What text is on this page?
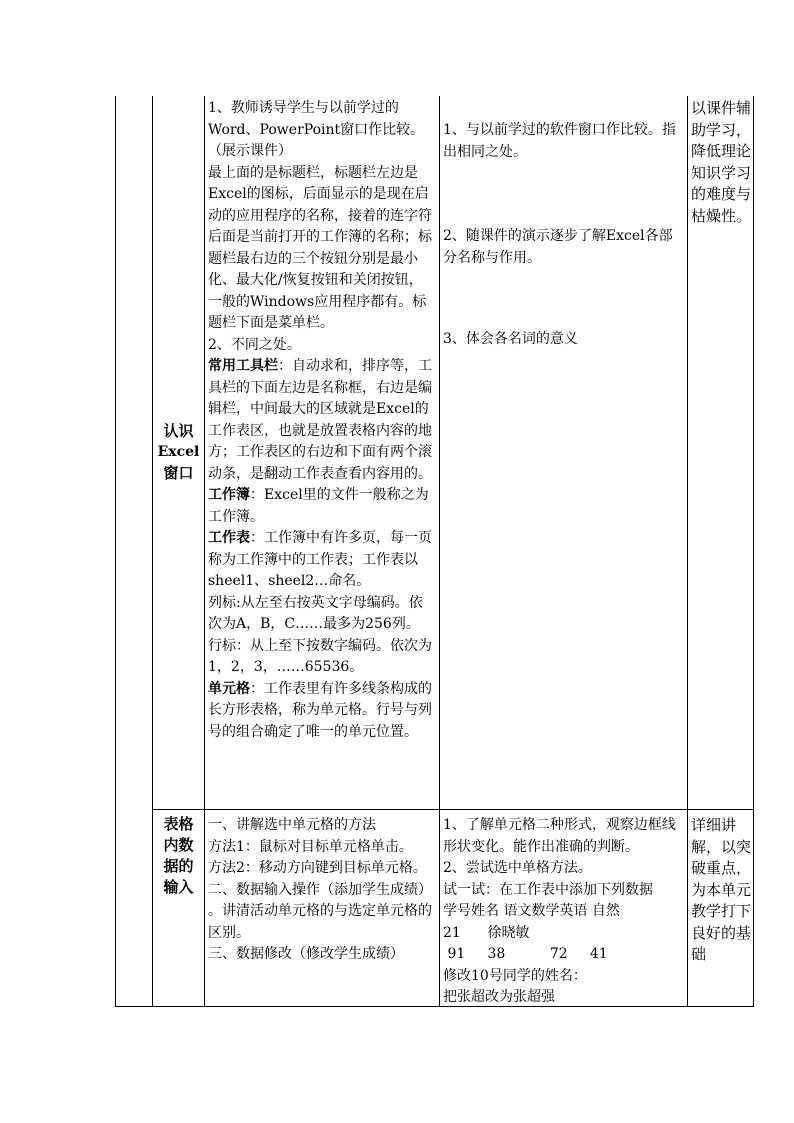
认识
Excel
窗口

1、教师诱导学生与以前学过的Word、PowerPoint窗口作比较。（展示课件）

最上面的是标题栏，标题栏左边是Excel的图标，后面显示的是现在启动的应用程序的名称，接着的连字符后面是当前打开的工作簿的名称；标题栏最右边的三个按钮分别是最小化、最大化/恢复按钮和关闭按钮，一般的Windows应用程序都有。标题栏下面是菜单栏。

2、不同之处。

常用工具栏：自动求和，排序等，工具栏的下面左边是名称框，右边是编辑栏，中间最大的区域就是Excel的工作表区，也就是放置表格内容的地方；工作表区的右边和下面有两个滚动条，是翻动工作表查看内容用的。

工作簿：Excel里的文件一般称之为工作簿。

工作表：工作簿中有许多页，每一页称为工作簿中的工作表；工作表以sheel1、sheel2…命名。

列标:从左至右按英文字母编码。依次为A，B，C……最多为256列。

行标：从上至下按数字编码。依次为1，2，3，……65536。

单元格：工作表里有许多线条构成的长方形表格，称为单元格。行号与列号的组合确定了唯一的单元位置。

1、与以前学过的软件窗口作比较。指出相同之处。

2、随课件的演示逐步了解Excel各部分名称与作用。

3、体会各名词的意义

以课件辅助学习，降低理论知识学习的难度与枯燥性。

表格
内数
据的
输入

一、讲解选中单元格的方法

方法1：鼠标对目标单元格单击。

方法2：移动方向键到目标单元格。

二、数据输入操作（添加学生成绩）

。讲清活动单元格的与选定单元格的区别。

三、数据修改（修改学生成绩）

1、了解单元格二种形式，观察边框线形状变化。能作出准确的判断。

2、尝试选中单格方法。

试一试：在工作表中添加下列数据

学号姓名 语文数学英语 自然

21      徐晓敏

91     38          72     41

修改10号同学的姓名：

把张超改为张超强

详细讲解，以突破重点，为本单元教学打下良好的基础
